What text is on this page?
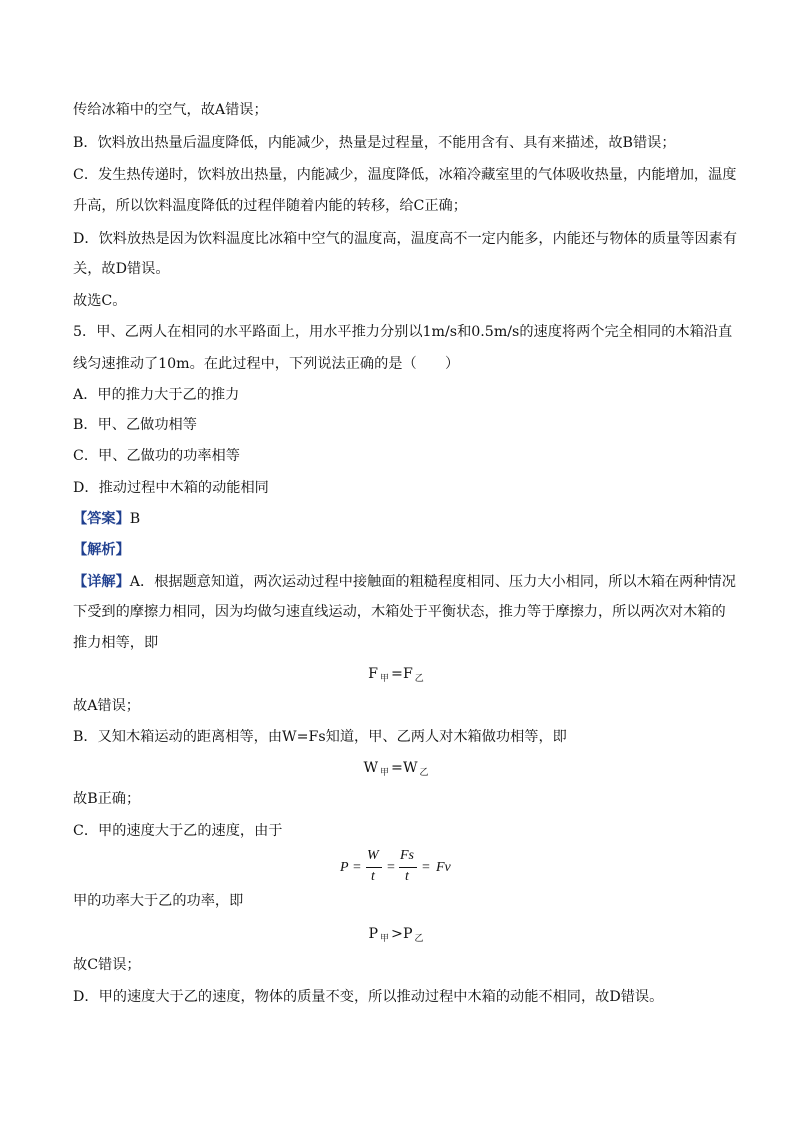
传给冰箱中的空气，故A错误；
B．饮料放出热量后温度降低，内能减少，热量是过程量，不能用含有、具有来描述，故B错误；
C．发生热传递时，饮料放出热量，内能减少，温度降低，冰箱冷藏室里的气体吸收热量，内能增加，温度
升高，所以饮料温度降低的过程伴随着内能的转移，给C正确；
D．饮料放热是因为饮料温度比冰箱中空气的温度高，温度高不一定内能多，内能还与物体的质量等因素有
关，故D错误。
故选C。
5．甲、乙两人在相同的水平路面上，用水平推力分别以1m/s和0.5m/s的速度将两个完全相同的木箱沿直
线匀速推动了10m。在此过程中，下列说法正确的是（　　）
A．甲的推力大于乙的推力
B．甲、乙做功相等
C．甲、乙做功的功率相等
D．推动过程中木箱的动能相同
【答案】B
【解析】
【详解】A．根据题意知道，两次运动过程中接触面的粗糙程度相同、压力大小相同，所以木箱在两种情况
下受到的摩擦力相同，因为均做匀速直线运动，木箱处于平衡状态，推力等于摩擦力，所以两次对木箱的
推力相等，即
F $_甲$ =F $_乙$
故A错误；
B．又知木箱运动的距离相等，由W=Fs知道，甲、乙两人对木箱做功相等，即
W $_甲$ =W $_乙$
故B正确；
C．甲的速度大于乙的速度，由于
P =
W
t
=
Fs
t
= Fv
甲的功率大于乙的功率，即
P $_甲$ >P $_乙$
故C错误；
D．甲的速度大于乙的速度，物体的质量不变，所以推动过程中木箱的动能不相同，故D错误。
